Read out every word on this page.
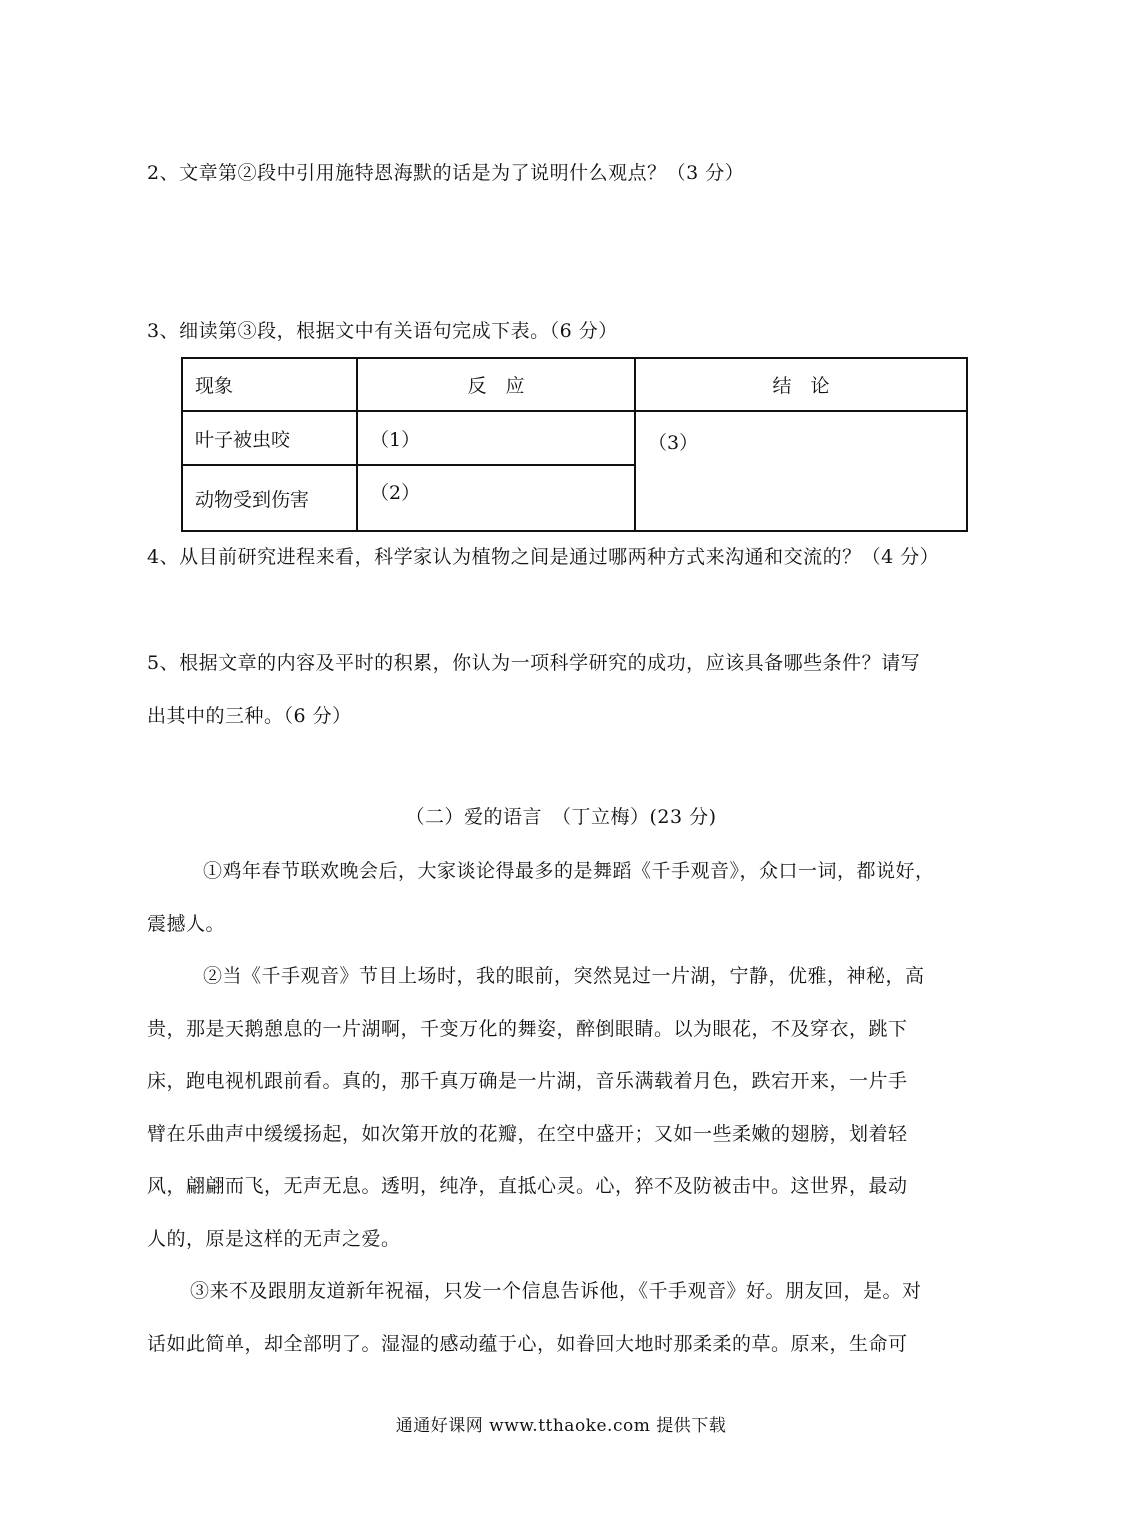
2、文章第②段中引用施特恩海默的话是为了说明什么观点？（3 分）
3、细读第③段，根据文中有关语句完成下表。（6 分）
现象	反　应	结　论
叶子被虫咬	（1）	（3）
动物受到伤害	（2）	
4、从目前研究进程来看，科学家认为植物之间是通过哪两种方式来沟通和交流的？（4 分）
5、根据文章的内容及平时的积累，你认为一项科学研究的成功，应该具备哪些条件？请写
出其中的三种。（6 分）
（二）爱的语言　（丁立梅）(23 分)
①鸡年春节联欢晚会后，大家谈论得最多的是舞蹈《千手观音》，众口一词，都说好，
震撼人。
②当《千手观音》节目上场时，我的眼前，突然晃过一片湖，宁静，优雅，神秘，高
贵，那是天鹅憩息的一片湖啊，千变万化的舞姿，醉倒眼睛。以为眼花，不及穿衣，跳下
床，跑电视机跟前看。真的，那千真万确是一片湖，音乐满载着月色，跌宕开来，一片手
臂在乐曲声中缓缓扬起，如次第开放的花瓣，在空中盛开；又如一些柔嫩的翅膀，划着轻
风，翩翩而飞，无声无息。透明，纯净，直抵心灵。心，猝不及防被击中。这世界，最动
人的，原是这样的无声之爱。
③来不及跟朋友道新年祝福，只发一个信息告诉他，《千手观音》好。朋友回，是。对
话如此简单，却全部明了。湿湿的感动蕴于心，如眷回大地时那柔柔的草。原来，生命可
通通好课网 www.tthaoke.com 提供下载
